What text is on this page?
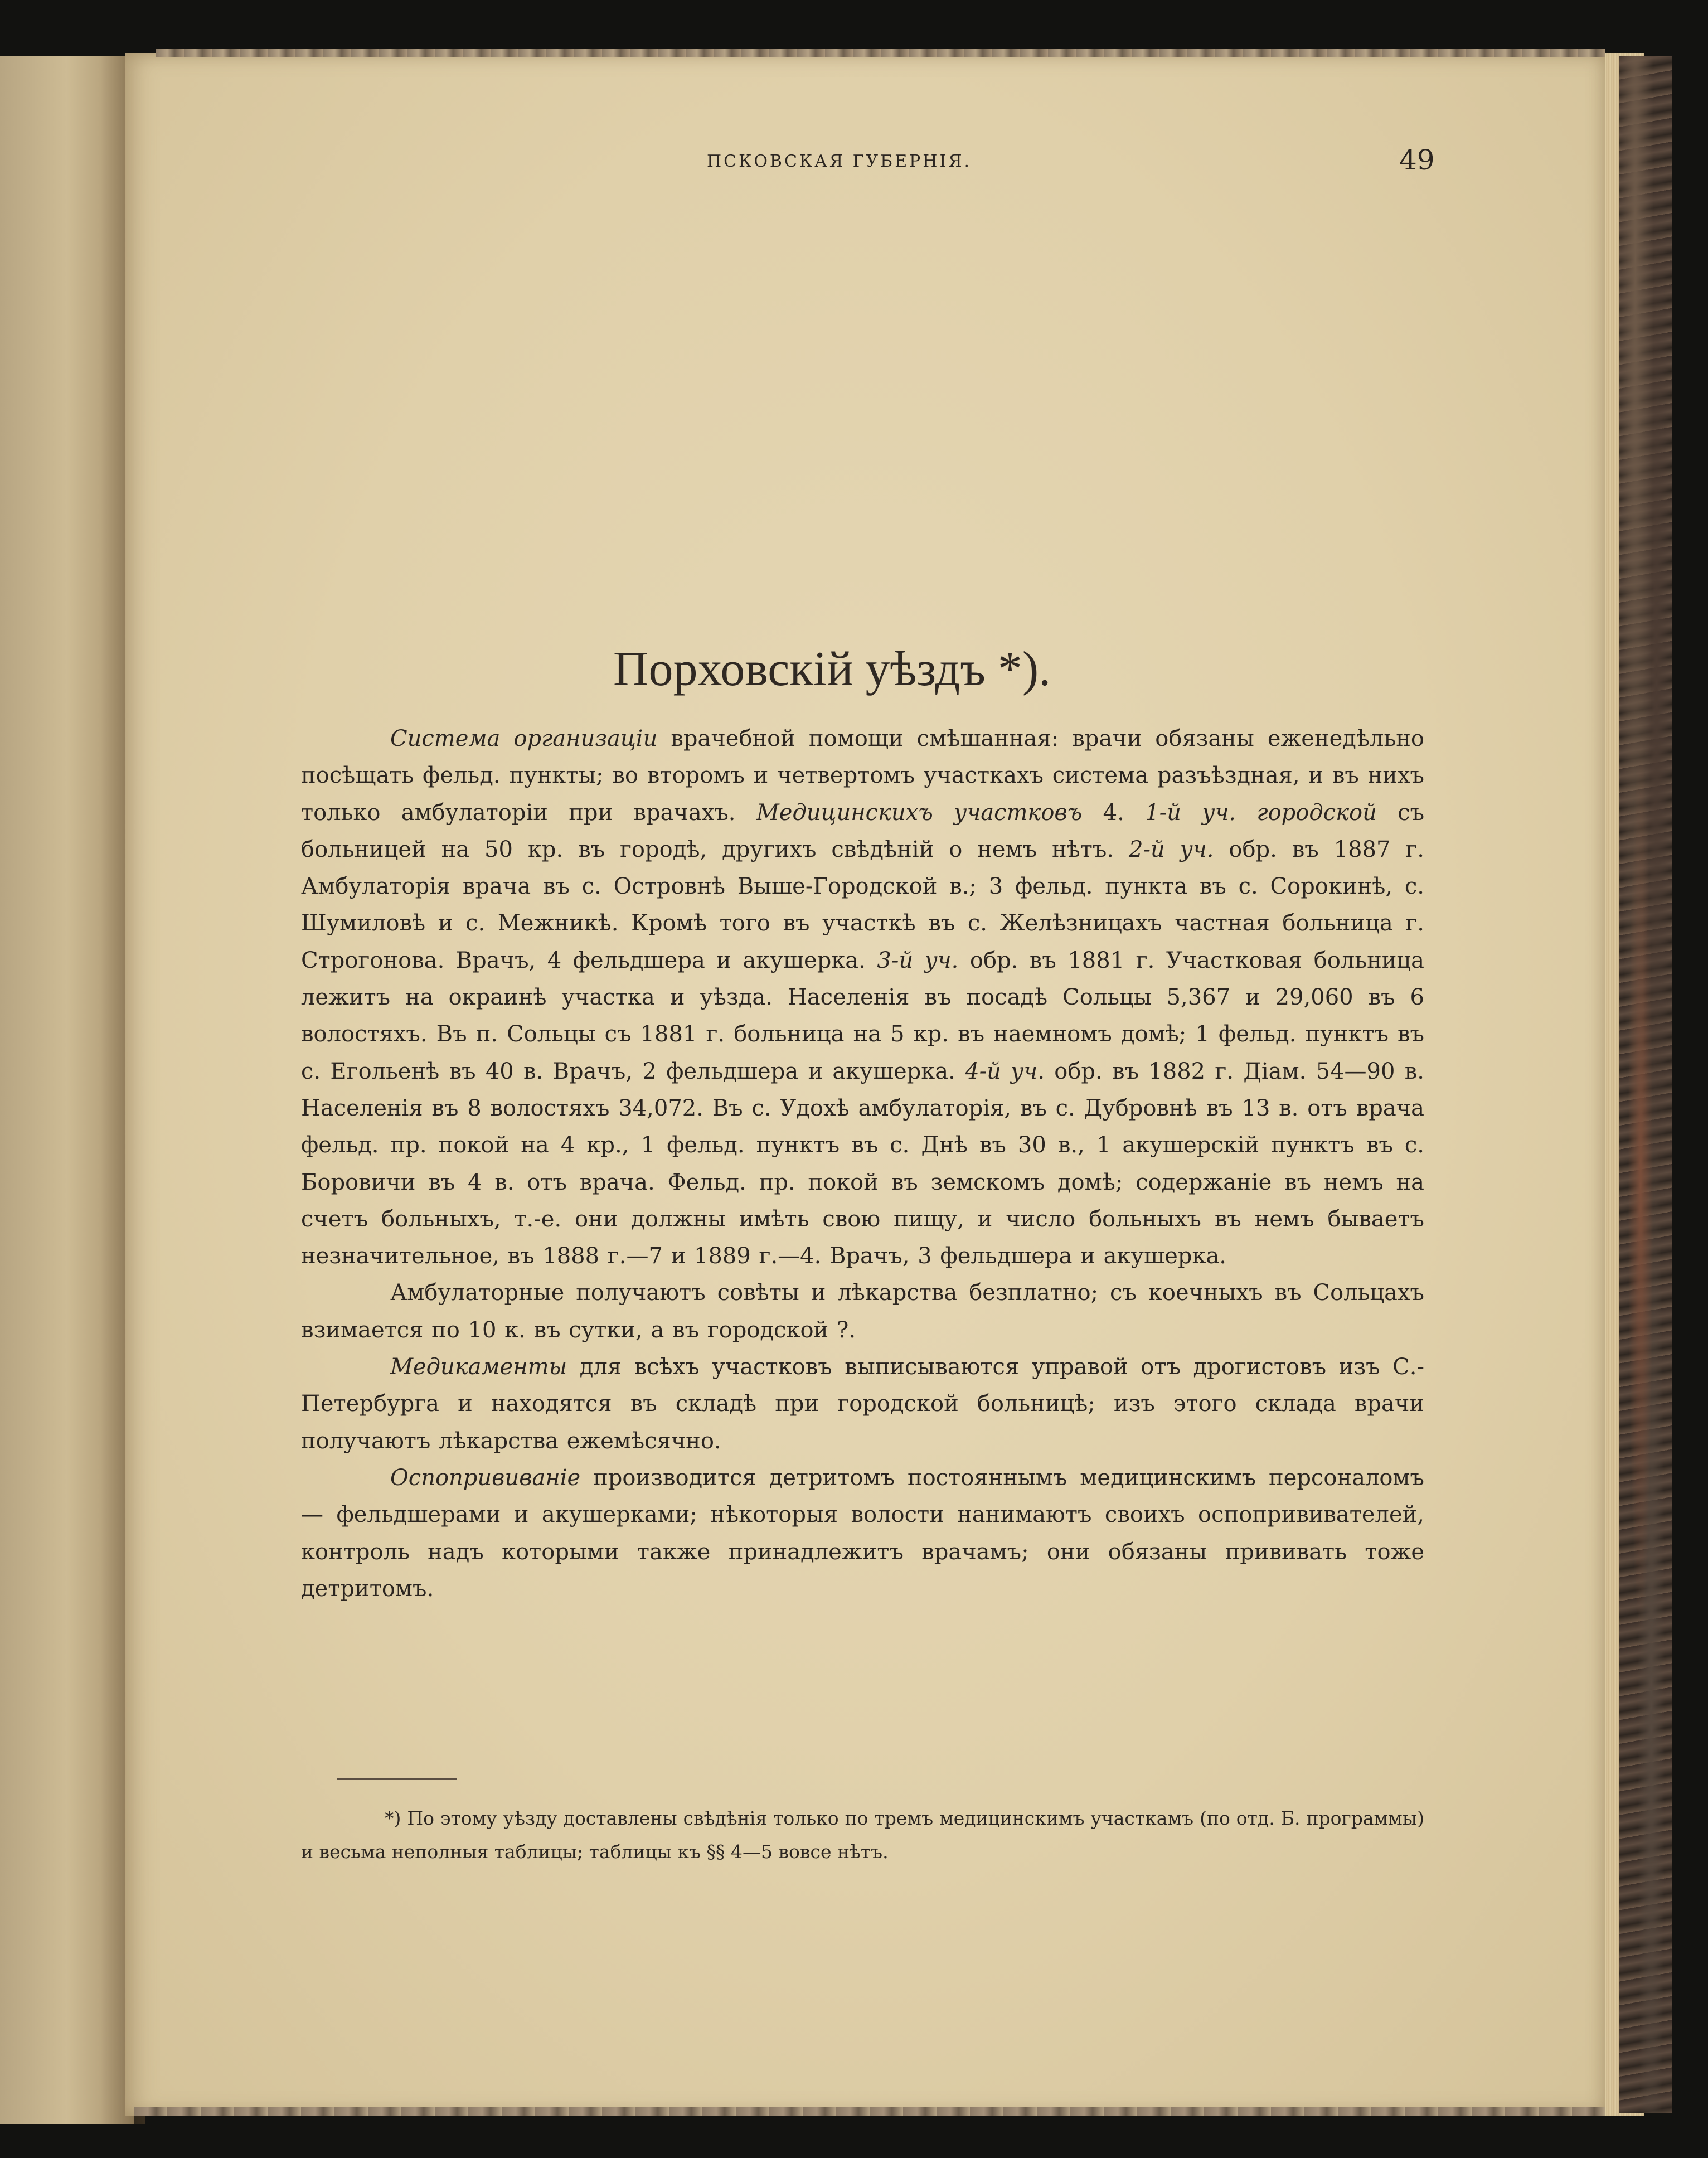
ПСКОВСКАЯ ГУБЕРНІЯ.	49
Порховскій уѣздъ *).

Система организаціи врачебной помощи смѣшанная: врачи обязаны еженедѣльно посѣщать фельд. пункты; во второмъ и четвертомъ участкахъ система разъѣздная, и въ нихъ только амбулаторіи при врачахъ. Медицинскихъ участковъ 4. 1-й уч. городской съ больницей на 50 кр. въ городѣ, другихъ свѣдѣній о немъ нѣтъ. 2-й уч. обр. въ 1887 г. Амбулаторія врача въ с. Островнѣ Выше-Городской в.; 3 фельд. пункта въ с. Сорокинѣ, с. Шумиловѣ и с. Межникѣ. Кромѣ того въ участкѣ въ с. Желѣзницахъ частная больница г. Строгонова. Врачъ, 4 фельдшера и акушерка. 3-й уч. обр. въ 1881 г. Участковая больница лежитъ на окраинѣ участка и уѣзда. Населенія въ посадѣ Сольцы 5,367 и 29,060 въ 6 волостяхъ. Въ п. Сольцы съ 1881 г. больница на 5 кр. въ наемномъ домѣ; 1 фельд. пунктъ въ с. Егольенѣ въ 40 в. Врачъ, 2 фельдшера и акушерка. 4-й уч. обр. въ 1882 г. Діам. 54—90 в. Населенія въ 8 волостяхъ 34,072. Въ с. Удохѣ амбулаторія, въ с. Дубровнѣ въ 13 в. отъ врача фельд. пр. покой на 4 кр., 1 фельд. пунктъ въ с. Днѣ въ 30 в., 1 акушерскій пунктъ въ с. Боровичи въ 4 в. отъ врача. Фельд. пр. покой въ земскомъ домѣ; содержаніе въ немъ на счетъ больныхъ, т.-е. они должны имѣть свою пищу, и число больныхъ въ немъ бываетъ незначительное, въ 1888 г.—7 и 1889 г.—4. Врачъ, 3 фельдшера и акушерка.

Амбулаторные получаютъ совѣты и лѣкарства безплатно; съ коечныхъ въ Сольцахъ взимается по 10 к. въ сутки, а въ городской ?.

Медикаменты для всѣхъ участковъ выписываются управой отъ дрогистовъ изъ С.-Петербурга и находятся въ складѣ при городской больницѣ; изъ этого склада врачи получаютъ лѣкарства ежемѣсячно.

Оспопрививаніе производится детритомъ постояннымъ медицинскимъ персоналомъ — фельдшерами и акушерками; нѣкоторыя волости нанимаютъ своихъ оспопрививателей, контроль надъ которыми также принадлежитъ врачамъ; они обязаны прививать тоже детритомъ.

*) По этому уѣзду доставлены свѣдѣнія только по тремъ медицинскимъ участкамъ (по отд. Б. программы) и весьма неполныя таблицы; таблицы къ §§ 4—5 вовсе нѣтъ.
